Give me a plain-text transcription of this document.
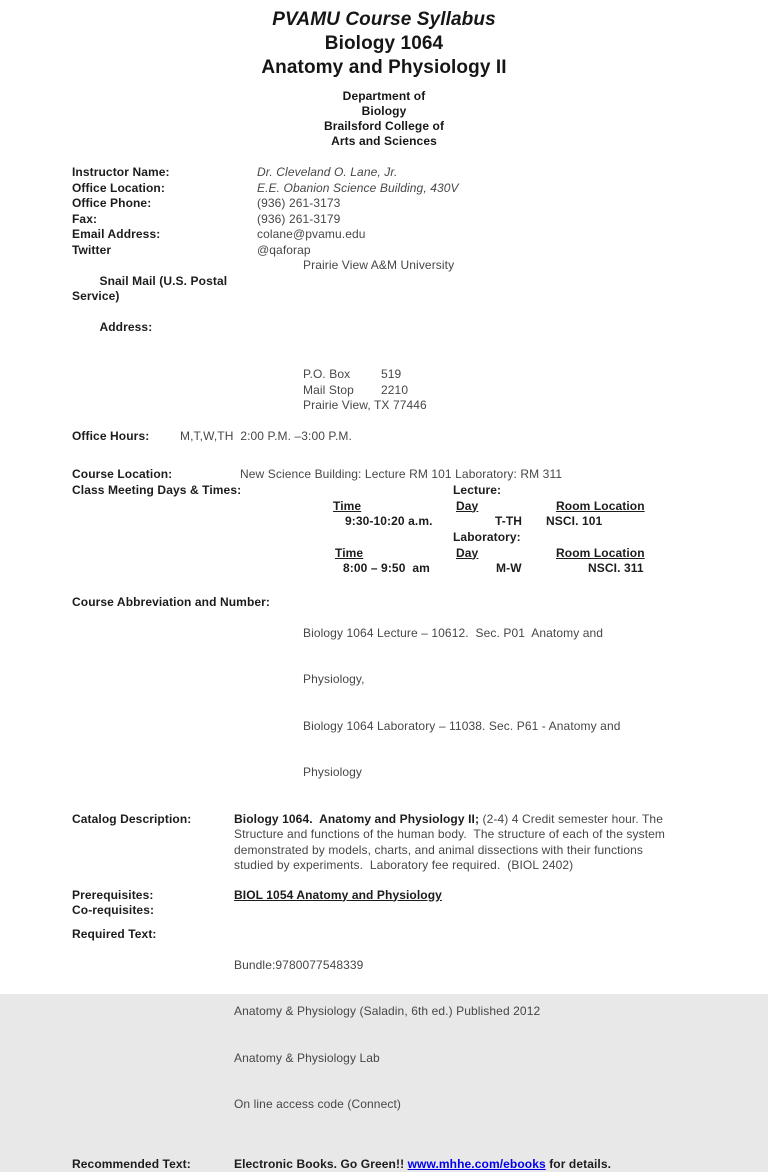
PVAMU Course Syllabus
Biology 1064
Anatomy and Physiology II
Department of
Biology
Brailsford College of
Arts and Sciences
Instructor Name:	Dr. Cleveland O. Lane, Jr.
Office Location:	E.E. Obanion Science Building, 430V
Office Phone:	(936) 261-3173
Fax:	(936) 261-3179
Email Address:	colane@pvamu.edu
Twitter	@qaforap

Snail Mail (U.S. Postal Service)

Address:

Prairie View A&M University
P.O. Box	519
Mail Stop 2210
Prairie View, TX 77446
Office Hours:	M,T,W,TH  2:00 P.M. –3:00 P.M.
Course Location:	New Science Building: Lecture RM 101 Laboratory: RM 311
Class Meeting Days & Times:	Lecture:
Time	Day	Room Location
9:30-10:20 a.m.	T-TH NSCI. 101
Laboratory:
Time	Day	Room Location
8:00 – 9:50  am	M-W	NSCI. 311
Course Abbreviation and Number:

Biology 1064 Lecture – 10612.  Sec. P01  Anatomy and

Physiology,

Biology 1064 Laboratory – 11038. Sec. P61 - Anatomy and

Physiology

Catalog Description:	Biology 1064.  Anatomy and Physiology II; (2-4) 4 Credit semester hour. The Structure and functions of the human body.  The structure of each of the system demonstrated by models, charts, and animal dissections with their functions studied by experiments.  Laboratory fee required.  (BIOL 2402)
Prerequisites:	BIOL 1054 Anatomy and Physiology
Co-requisites:
Required Text:

Bundle:9780077548339

Anatomy & Physiology (Saladin, 6th ed.) Published 2012

Anatomy & Physiology Lab

On line access code (Connect)

Recommended Text:	Electronic Books. Go Green!! www.mhhe.com/ebooks for details.
